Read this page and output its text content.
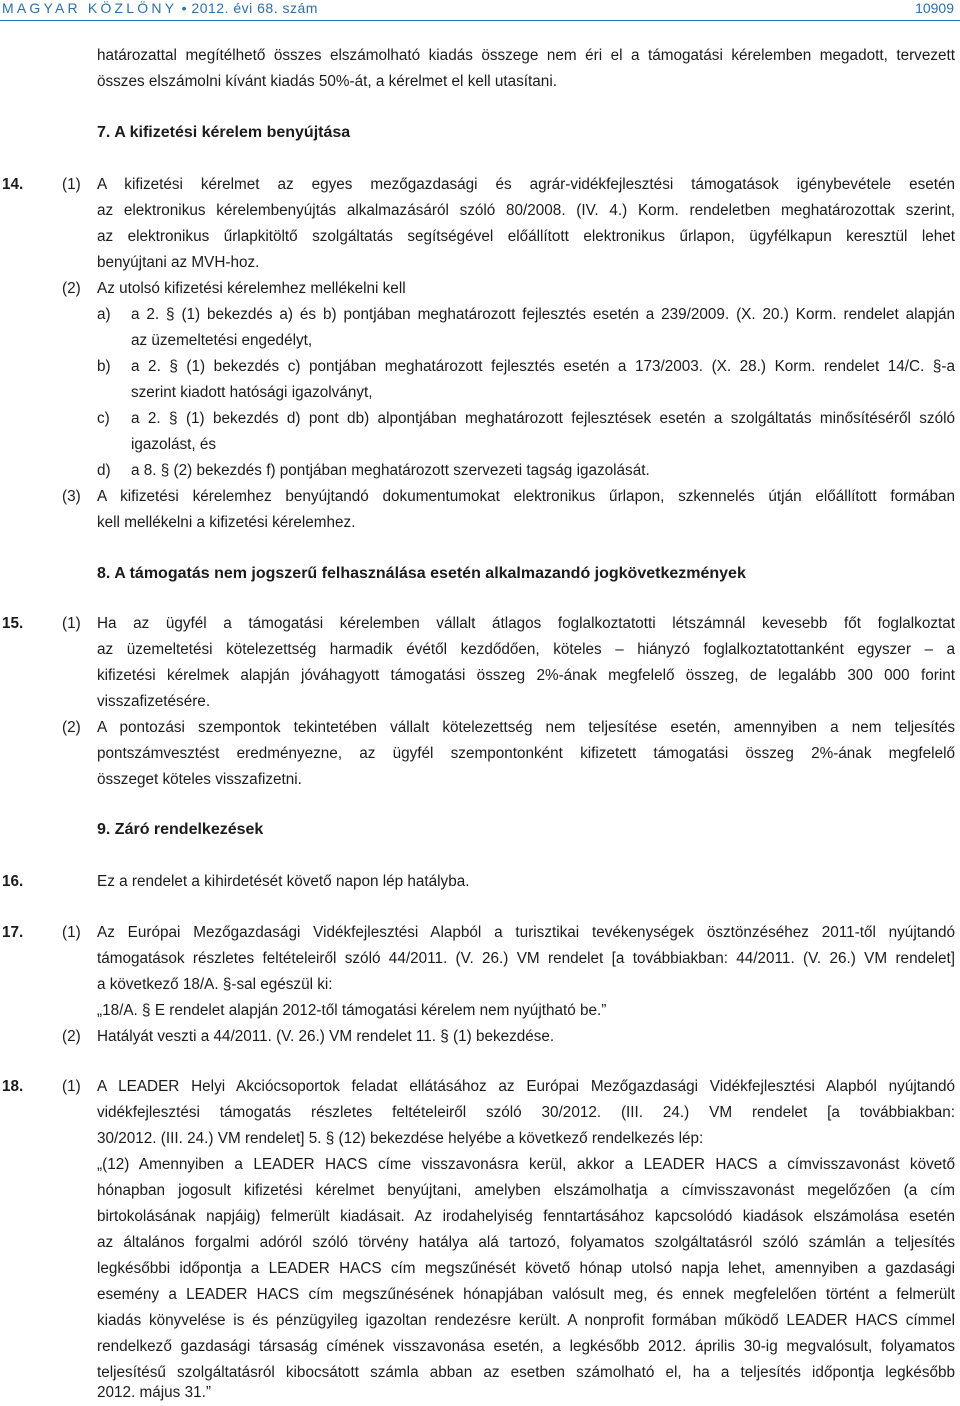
MAGYAR KÖZLÖNY • 2012. évi 68. szám	10909
határozattal megítélhető összes elszámolható kiadás összege nem éri el a támogatási kérelemben megadott, tervezett
összes elszámolni kívánt kiadás 50%-át, a kérelmet el kell utasítani.
7. A kifizetési kérelem benyújtása
14.	(1) A kifizetési kérelmet az egyes mezőgazdasági és agrár-vidékfejlesztési támogatások igénybevétele esetén
az elektronikus kérelembenyújtás alkalmazásáról szóló 80/2008. (IV. 4.) Korm. rendeletben meghatározottak szerint,
az elektronikus űrlapkitöltő szolgáltatás segítségével előállított elektronikus űrlapon, ügyfélkapun keresztül lehet
benyújtani az MVH-hoz.
(2) Az utolsó kifizetési kérelemhez mellékelni kell
a) a 2. § (1) bekezdés a) és b) pontjában meghatározott fejlesztés esetén a 239/2009. (X. 20.) Korm. rendelet alapján
az üzemeltetési engedélyt,
b) a 2. § (1) bekezdés c) pontjában meghatározott fejlesztés esetén a 173/2003. (X. 28.) Korm. rendelet 14/C. §-a
szerint kiadott hatósági igazolványt,
c) a 2. § (1) bekezdés d) pont db) alpontjában meghatározott fejlesztések esetén a szolgáltatás minősítéséről szóló
igazolást, és
d) a 8. § (2) bekezdés f) pontjában meghatározott szervezeti tagság igazolását.
(3) A kifizetési kérelemhez benyújtandó dokumentumokat elektronikus űrlapon, szkennelés útján előállított formában
kell mellékelni a kifizetési kérelemhez.
8. A támogatás nem jogszerű felhasználása esetén alkalmazandó jogkövetkezmények
15.	(1) Ha az ügyfél a támogatási kérelemben vállalt átlagos foglalkoztatotti létszámnál kevesebb főt foglalkoztat
az üzemeltetési kötelezettség harmadik évétől kezdődően, köteles – hiányzó foglalkoztatottanként egyszer – a
kifizetési kérelmek alapján jóváhagyott támogatási összeg 2%-ának megfelelő összeg, de legalább 300 000 forint
visszafizetésére.
(2) A pontozási szempontok tekintetében vállalt kötelezettség nem teljesítése esetén, amennyiben a nem teljesítés
pontszámvesztést eredményezne, az ügyfél szempontonként kifizetett támogatási összeg 2%-ának megfelelő
összeget köteles visszafizetni.
9. Záró rendelkezések
16.	Ez a rendelet a kihirdetését követő napon lép hatályba.
17.	(1) Az Európai Mezőgazdasági Vidékfejlesztési Alapból a turisztikai tevékenységek ösztönzéséhez 2011-től nyújtandó
támogatások részletes feltételeiről szóló 44/2011. (V. 26.) VM rendelet [a továbbiakban: 44/2011. (V. 26.) VM rendelet]
a következő 18/A. §-sal egészül ki:
„18/A. § E rendelet alapján 2012-től támogatási kérelem nem nyújtható be.”
(2) Hatályát veszti a 44/2011. (V. 26.) VM rendelet 11. § (1) bekezdése.
18.	(1) A LEADER Helyi Akciócsoportok feladat ellátásához az Európai Mezőgazdasági Vidékfejlesztési Alapból nyújtandó
vidékfejlesztési támogatás részletes feltételeiről szóló 30/2012. (III. 24.) VM rendelet [a továbbiakban:
30/2012. (III. 24.) VM rendelet] 5. § (12) bekezdése helyébe a következő rendelkezés lép:
„(12) Amennyiben a LEADER HACS címe visszavonásra kerül, akkor a LEADER HACS a címvisszavonást követő
hónapban jogosult kifizetési kérelmet benyújtani, amelyben elszámolhatja a címvisszavonást megelőzően (a cím
birtokolásának napjáig) felmerült kiadásait. Az irodahelyiség fenntartásához kapcsolódó kiadások elszámolása esetén
az általános forgalmi adóról szóló törvény hatálya alá tartozó, folyamatos szolgáltatásról szóló számlán a teljesítés
legkésőbbi időpontja a LEADER HACS cím megszűnését követő hónap utolsó napja lehet, amennyiben a gazdasági
esemény a LEADER HACS cím megszűnésének hónapjában valósult meg, és ennek megfelelően történt a felmerült
kiadás könyvelése is és pénzügyileg igazoltan rendezésre került. A nonprofit formában működő LEADER HACS címmel
rendelkező gazdasági társaság címének visszavonása esetén, a legkésőbb 2012. április 30-ig megvalósult, folyamatos
teljesítésű szolgáltatásról kibocsátott számla abban az esetben számolható el, ha a teljesítés időpontja legkésőbb
2012. május 31.”
